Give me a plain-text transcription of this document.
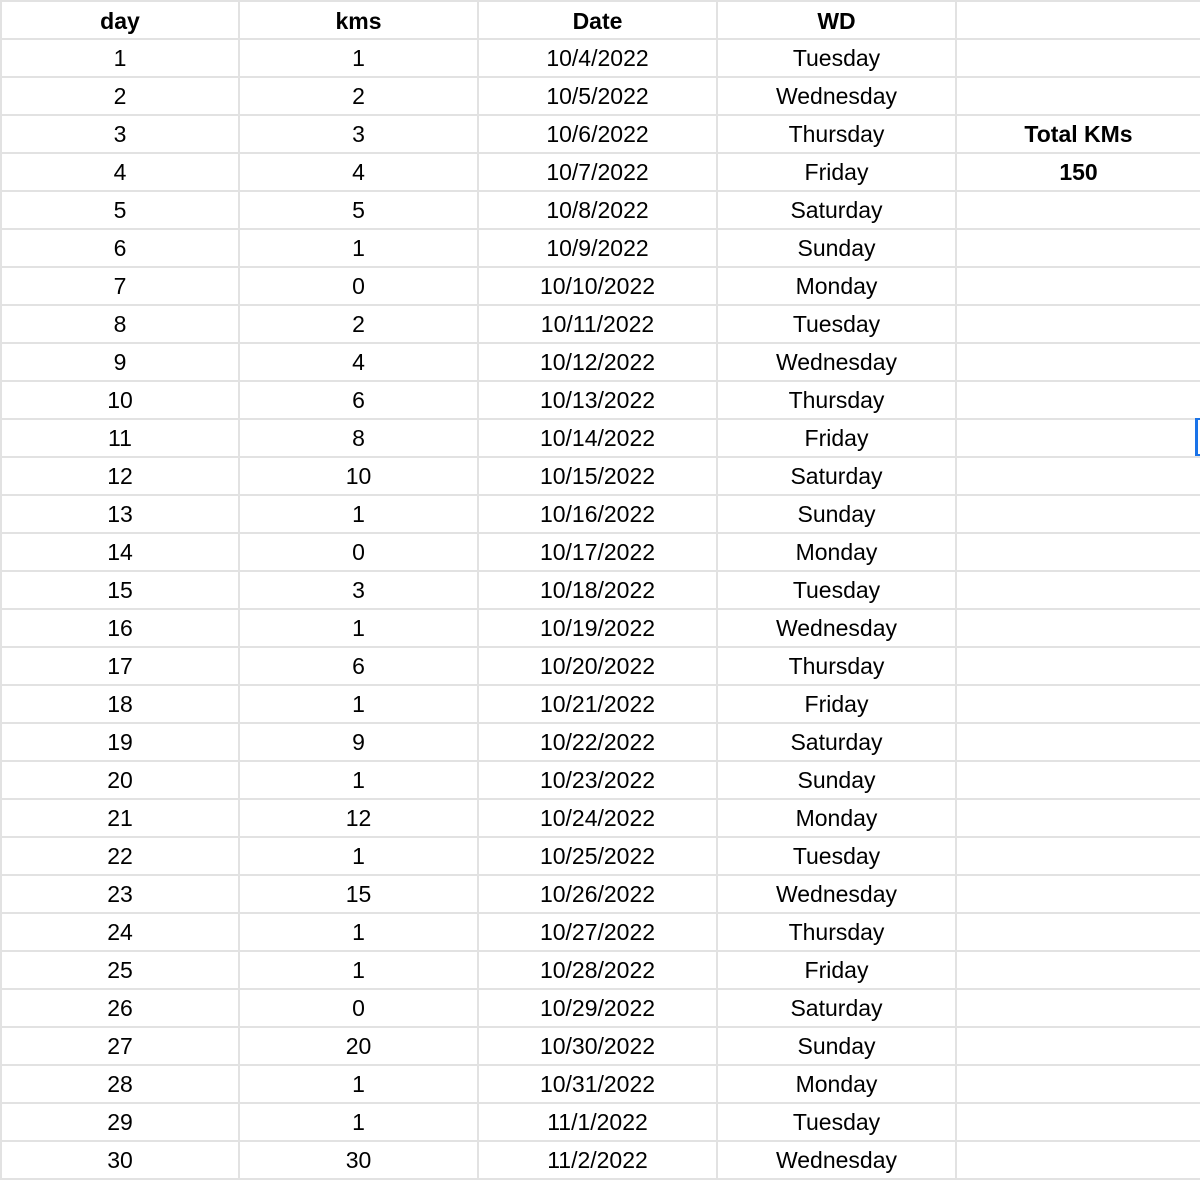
day	kms	Date	WD
1	1	10/4/2022	Tuesday
2	2	10/5/2022	Wednesday
3	3	10/6/2022	Thursday	Total KMs
4	4	10/7/2022	Friday	150
5	5	10/8/2022	Saturday
6	1	10/9/2022	Sunday
7	0	10/10/2022	Monday
8	2	10/11/2022	Tuesday
9	4	10/12/2022	Wednesday
10	6	10/13/2022	Thursday
11	8	10/14/2022	Friday
12	10	10/15/2022	Saturday
13	1	10/16/2022	Sunday
14	0	10/17/2022	Monday
15	3	10/18/2022	Tuesday
16	1	10/19/2022	Wednesday
17	6	10/20/2022	Thursday
18	1	10/21/2022	Friday
19	9	10/22/2022	Saturday
20	1	10/23/2022	Sunday
21	12	10/24/2022	Monday
22	1	10/25/2022	Tuesday
23	15	10/26/2022	Wednesday
24	1	10/27/2022	Thursday
25	1	10/28/2022	Friday
26	0	10/29/2022	Saturday
27	20	10/30/2022	Sunday
28	1	10/31/2022	Monday
29	1	11/1/2022	Tuesday
30	30	11/2/2022	Wednesday
